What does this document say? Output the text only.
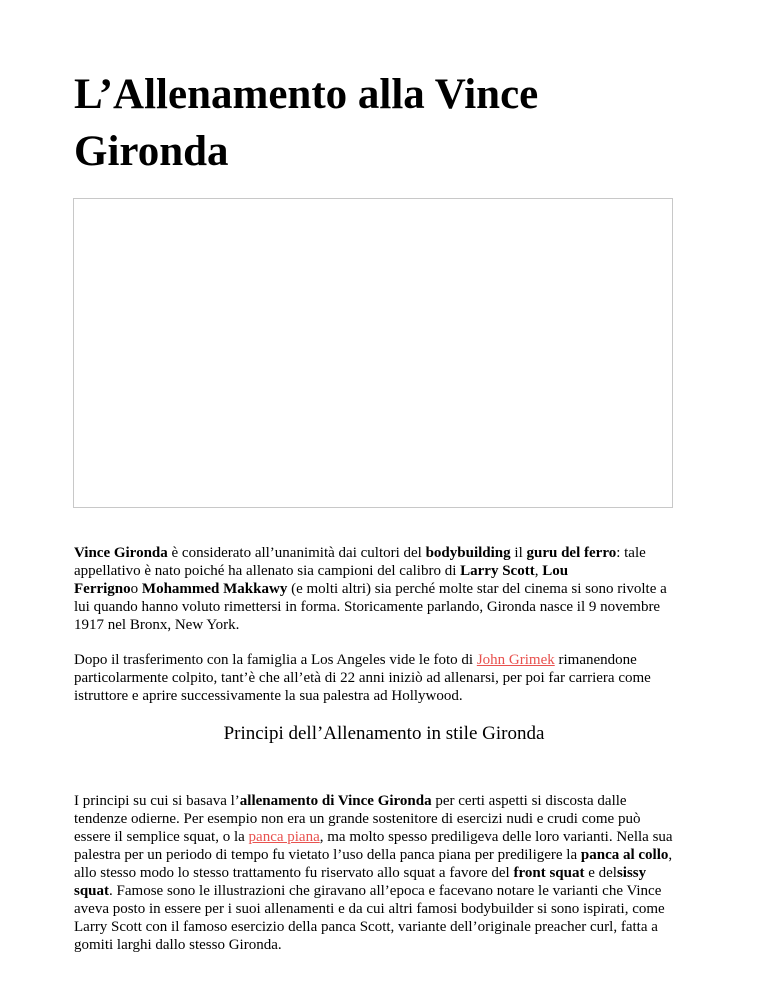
L’Allenamento alla Vince
Gironda
Vince Gironda è considerato all’unanimità dai cultori del bodybuilding il guru del ferro: tale
appellativo è nato poiché ha allenato sia campioni del calibro di Larry Scott, Lou
Ferrignoo Mohammed Makkawy (e molti altri) sia perché molte star del cinema si sono rivolte a
lui quando hanno voluto rimettersi in forma. Storicamente parlando, Gironda nasce il 9 novembre
1917 nel Bronx, New York.
Dopo il trasferimento con la famiglia a Los Angeles vide le foto di John Grimek rimanendone
particolarmente colpito, tant’è che all’età di 22 anni iniziò ad allenarsi, per poi far carriera come
istruttore e aprire successivamente la sua palestra ad Hollywood.
Principi dell’Allenamento in stile Gironda
I principi su cui si basava l’allenamento di Vince Gironda per certi aspetti si discosta dalle
tendenze odierne. Per esempio non era un grande sostenitore di esercizi nudi e crudi come può
essere il semplice squat, o la panca piana, ma molto spesso prediligeva delle loro varianti. Nella sua
palestra per un periodo di tempo fu vietato l’uso della panca piana per prediligere la panca al collo,
allo stesso modo lo stesso trattamento fu riservato allo squat a favore del front squat e delsissy
squat. Famose sono le illustrazioni che giravano all’epoca e facevano notare le varianti che Vince
aveva posto in essere per i suoi allenamenti e da cui altri famosi bodybuilder si sono ispirati, come
Larry Scott con il famoso esercizio della panca Scott, variante dell’originale preacher curl, fatta a
gomiti larghi dallo stesso Gironda.
